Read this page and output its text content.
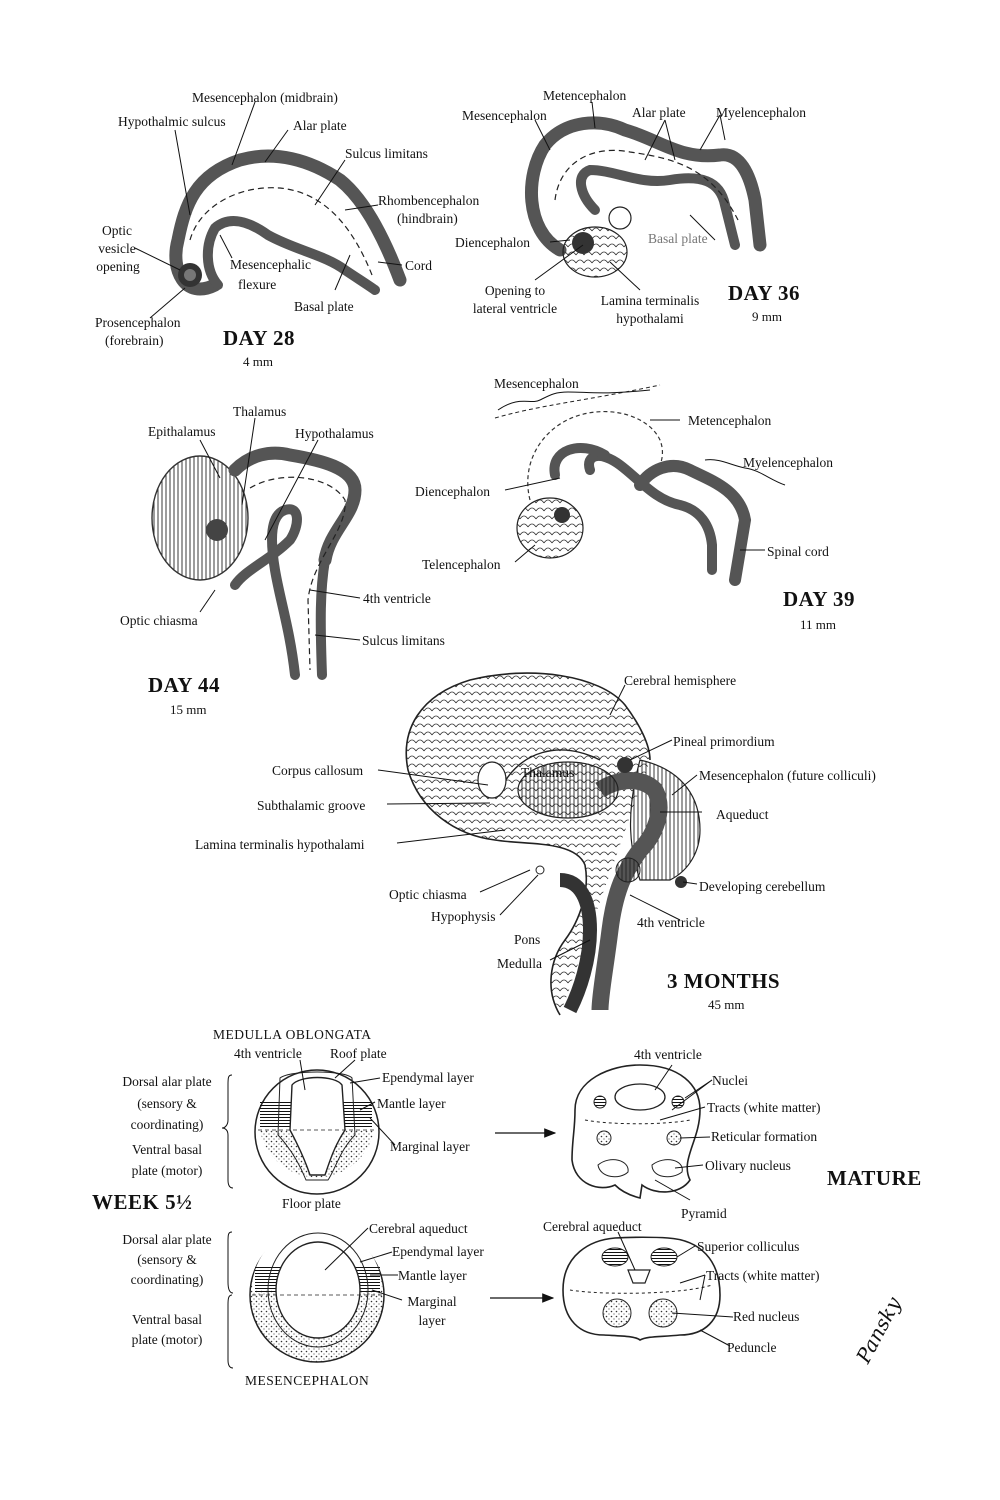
Mesencephalon (midbrain)
Hypothalmic sulcus	Alar plate
Sulcus limitans
Rhombencephalon
(hindbrain)
Optic
vesicle
opening	Mesencephalic
flexure
Cord
Basal plate
Prosencephalon
(forebrain)	DAY 28
4 mm
Metencephalon
Mesencephalon	Alar plate Myelencephalon
Diencephalon	Basal plate
Opening to
lateral ventricle
Lamina terminalis
hypothalami
DAY 36
9 mm
Thalamus
Epithalamus	Hypothalamus
Optic chiasma
4th ventricle
Sulcus limitans
DAY 44
15 mm
Mesencephalon
Metencephalon
Myelencephalon
Diencephalon
Telencephalon
Spinal cord
DAY 39
11 mm
Cerebral hemisphere
Pineal primordium
Mesencephalon (future colliculi)
Corpus callosum	Thalamus
Subthalamic groove
Aqueduct
Lamina terminalis hypothalami
Optic chiasma
Developing cerebellum
Hypophysis	4th ventricle
Pons
Medulla
3 MONTHS
45 mm
MEDULLA OBLONGATA
4th ventricle Roof plate
Ependymal layer
Mantle layer
Marginal layer
Floor plate
Dorsal alar plate
(sensory &
coordinating)
Ventral basal
plate (motor)
WEEK 5½
4th ventricle
Nuclei
Tracts (white matter)
Reticular formation
Olivary nucleus
MATURE
Pyramid
Cerebral aqueduct
Ependymal layer
Mantle layer
Marginal
layer
Dorsal alar plate
(sensory &
coordinating)
Ventral basal
plate (motor)
MESENCEPHALON
Cerebral aqueduct
Superior colliculus
Tracts (white matter)
Red nucleus
Peduncle	Pansky
